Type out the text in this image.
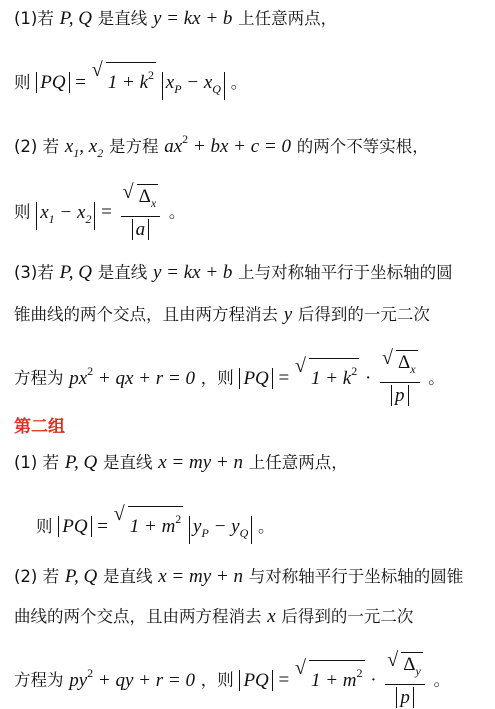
(1)若 P, Q 是直线 y = kx + b 上任意两点，
则 PQ =
√
$1 + k^2$ $x_P - x_Q$ 。
(2) 若 $x_1$, $x_2$ 是方程 $ax^2$ + bx + c = 0 的两个不等实根，
则 $x_1 - x_2 = \frac{√ \Delta_x}{a}$ 。
(3)若 P, Q 是直线 y = kx + b 上与对称轴平行于坐标轴的圆
锥曲线的两个交点，且由两方程消去 y 后得到的一元二次
方程为 $px^2$ + qx + r = 0 ，则 PQ =
√
$1 + k^2 \cdot \frac{√ \Delta_x}{p}$ 。
第二组
(1) 若 P, Q 是直线 x = my + n 上任意两点，
则 PQ =
√
$1 + m^2$ $y_P - y_Q$ 。
(2) 若 P, Q 是直线 x = my + n 与对称轴平行于坐标轴的圆锥
曲线的两个交点，且由两方程消去 x 后得到的一元二次
方程为 $py^2$ + qy + r = 0 ，则 PQ =
√
$1 + m^2 \cdot \frac{√ \Delta_y}{p}$ 。
